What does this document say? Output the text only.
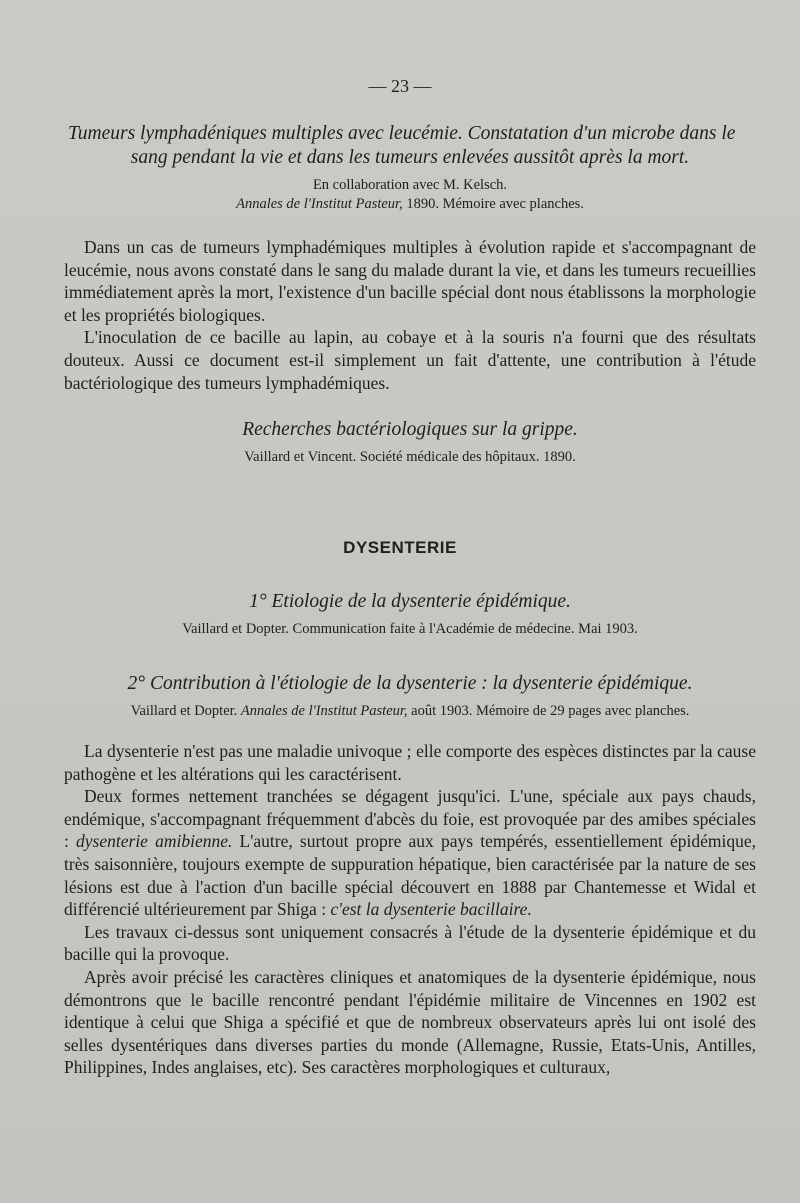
— 23 —
Tumeurs lymphadéniques multiples avec leucémie. Constatation d'un microbe dans le
sang pendant la vie et dans les tumeurs enlevées aussitôt après la mort.
En collaboration avec M. Kelsch.
Annales de l'Institut Pasteur, 1890. Mémoire avec planches.

Dans un cas de tumeurs lymphadémiques multiples à évolution rapide et s'accompagnant de leucémie, nous avons constaté dans le sang du malade durant la vie, et dans les tumeurs recueillies immédiatement après la mort, l'existence d'un bacille spécial dont nous établissons la morphologie et les propriétés biologiques.

L'inoculation de ce bacille au lapin, au cobaye et à la souris n'a fourni que des résultats douteux. Aussi ce document est-il simplement un fait d'attente, une contribution à l'étude bactériologique des tumeurs lymphadémiques.

Recherches bactériologiques sur la grippe.
Vaillard et Vincent. Société médicale des hôpitaux. 1890.
DYSENTERIE
1° Etiologie de la dysenterie épidémique.
Vaillard et Dopter. Communication faite à l'Académie de médecine. Mai 1903.
2° Contribution à l'étiologie de la dysenterie : la dysenterie épidémique.
Vaillard et Dopter. Annales de l'Institut Pasteur, août 1903. Mémoire de 29 pages avec planches.

La dysenterie n'est pas une maladie univoque ; elle comporte des espèces distinctes par la cause pathogène et les altérations qui les caractérisent.

Deux formes nettement tranchées se dégagent jusqu'ici. L'une, spéciale aux pays chauds, endémique, s'accompagnant fréquemment d'abcès du foie, est provoquée par des amibes spéciales : dysenterie amibienne. L'autre, surtout propre aux pays tempérés, essentiellement épidémique, très saisonnière, toujours exempte de suppuration hépatique, bien caractérisée par la nature de ses lésions est due à l'action d'un bacille spécial découvert en 1888 par Chantemesse et Widal et différencié ultérieurement par Shiga : c'est la dysenterie bacillaire.

Les travaux ci-dessus sont uniquement consacrés à l'étude de la dysenterie épidémique et du bacille qui la provoque.

Après avoir précisé les caractères cliniques et anatomiques de la dysenterie épidémique, nous démontrons que le bacille rencontré pendant l'épidémie militaire de Vincennes en 1902 est identique à celui que Shiga a spécifié et que de nombreux observateurs après lui ont isolé des selles dysentériques dans diverses parties du monde (Allemagne, Russie, Etats-Unis, Antilles, Philippines, Indes anglaises, etc). Ses caractères morphologiques et culturaux,
